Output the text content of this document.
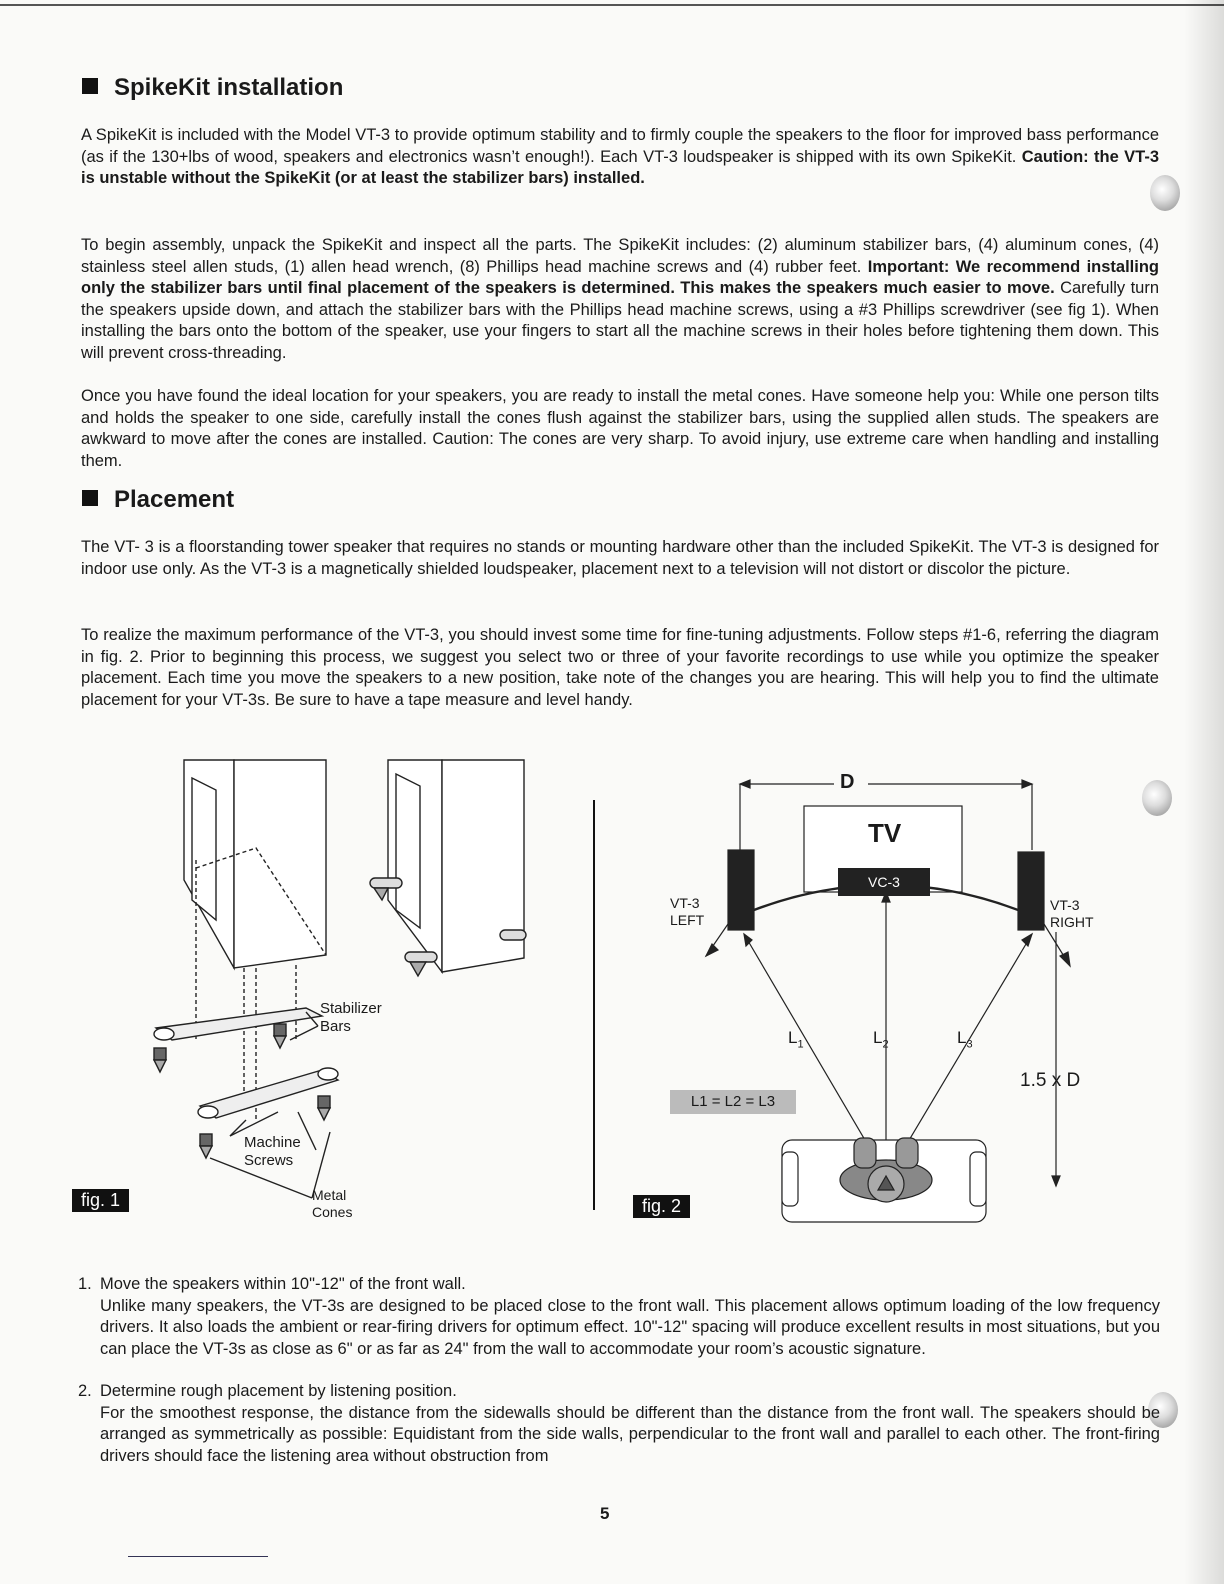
SpikeKit installation

A SpikeKit is included with the Model VT-3 to provide optimum stability and to firmly couple the speakers to the floor for improved bass performance (as if the 130+lbs of wood, speakers and electronics wasn’t enough!). Each VT-3 loudspeaker is shipped with its own SpikeKit. Caution: the VT-3 is unstable without the SpikeKit (or at least the stabilizer bars) installed.

To begin assembly, unpack the SpikeKit and inspect all the parts. The SpikeKit includes: (2) aluminum stabilizer bars, (4) aluminum cones, (4) stainless steel allen studs, (1) allen head wrench, (8) Phillips head machine screws and (4) rubber feet. Important: We recommend installing only the stabilizer bars until final placement of the speakers is determined. This makes the speakers much easier to move. Carefully turn the speakers upside down, and attach the stabilizer bars with the Phillips head machine screws, using a #3 Phillips screwdriver (see fig 1). When installing the bars onto the bottom of the speaker, use your fingers to start all the machine screws in their holes before tightening them down. This will prevent cross-threading.

Once you have found the ideal location for your speakers, you are ready to install the metal cones. Have someone help you: While one person tilts and holds the speaker to one side, carefully install the cones flush against the stabilizer bars, using the supplied allen studs. The speakers are awkward to move after the cones are installed. Caution: The cones are very sharp. To avoid injury, use extreme care when handling and installing them.

Placement

The VT- 3 is a floorstanding tower speaker that requires no stands or mounting hardware other than the included SpikeKit. The VT-3 is designed for indoor use only. As the VT-3 is a magnetically shielded loudspeaker, placement next to a television will not distort or discolor the picture.

To realize the maximum performance of the VT-3, you should invest some time for fine-tuning adjustments. Follow steps #1-6, referring the diagram in fig. 2. Prior to beginning this process, we suggest you select two or three of your favorite recordings to use while you optimize the speaker placement. Each time you move the speakers to a new position, take note of the changes you are hearing. This will help you to find the ultimate placement for your VT-3s. Be sure to have a tape measure and level handy.

fig. 1
Stabilizer
Bars
Machine
Screws
Metal
Cones
D
TV
VC-3
VT-3
LEFT
VT-3
RIGHT
$L_1$	$L_2$	$L_3$
L1 = L2 = L3
1.5 x D
fig. 2
1. Move the speakers within 10"-12" of the front wall.
Unlike many speakers, the VT-3s are designed to be placed close to the front wall. This placement allows optimum loading of the low frequency drivers. It also loads the ambient or rear-firing drivers for optimum effect. 10"-12" spacing will produce excellent results in most situations, but you can place the VT-3s as close as 6" or as far as 24" from the wall to accommodate your room’s acoustic signature.
2. Determine rough placement by listening position.
For the smoothest response, the distance from the sidewalls should be different than the distance from the front wall. The speakers should be arranged as symmetrically as possible: Equidistant from the side walls, perpendicular to the front wall and parallel to each other. The front-firing drivers should face the listening area without obstruction from
5
